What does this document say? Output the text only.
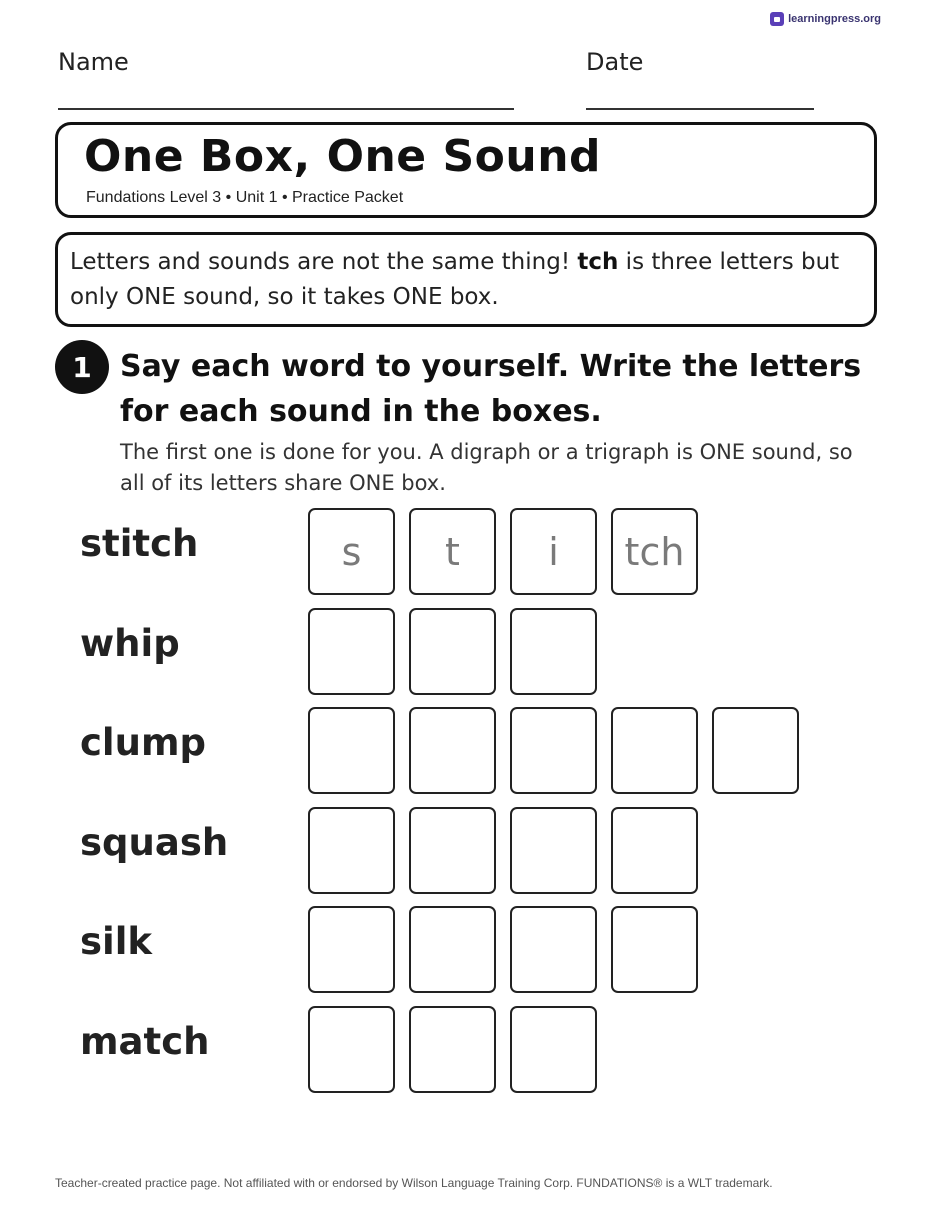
learningpress.org
Name	Date
One Box, One Sound
Fundations Level 3 • Unit 1 • Practice Packet
Letters and sounds are not the same thing! tch is three letters but only ONE sound, so it takes ONE box.
1 Say each word to yourself. Write the letters for each sound in the boxes.
The first one is done for you. A digraph or a trigraph is ONE sound, so all of its letters share ONE box.
stitch	s	t	i	tch
whip
clump
squash
silk
match
Teacher-created practice page. Not affiliated with or endorsed by Wilson Language Training Corp. FUNDATIONS® is a WLT trademark.
